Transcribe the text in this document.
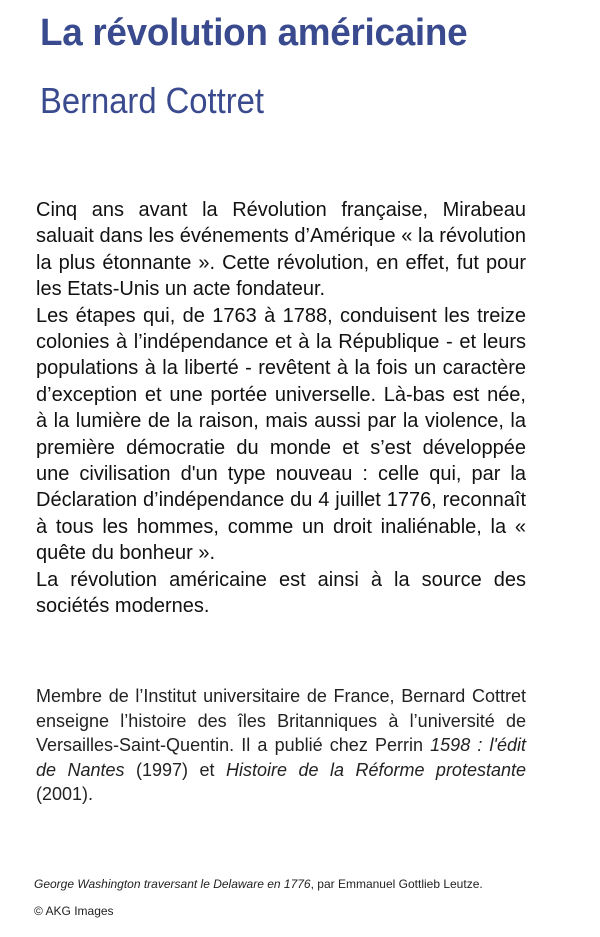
La révolution américaine
Bernard Cottret

Cinq ans avant la Révolution française, Mirabeau saluait dans les événements d’Amérique « la révolution la plus étonnante ». Cette révolution, en effet, fut pour les Etats-Unis un acte fondateur.

Les étapes qui, de 1763 à 1788, conduisent les treize colonies à l’indépendance et à la République - et leurs populations à la liberté - revêtent à la fois un caractère d’exception et une portée universelle. Là-bas est née, à la lumière de la raison, mais aussi par la violence, la première démocratie du monde et s’est développée une civilisation d'un type nouveau : celle qui, par la Déclaration d’indépendance du 4 juillet 1776, reconnaît à tous les hommes, comme un droit inaliénable, la « quête du bonheur ».

La révolution américaine est ainsi à la source des sociétés modernes.

Membre de l’Institut universitaire de France, Bernard Cottret enseigne l’histoire des îles Britanniques à l’université de Versailles-Saint-Quentin. Il a publié chez Perrin 1598 : l'édit de Nantes (1997) et Histoire de la Réforme protestante (2001).

George Washington traversant le Delaware en 1776, par Emmanuel Gottlieb Leutze.
© AKG Images
